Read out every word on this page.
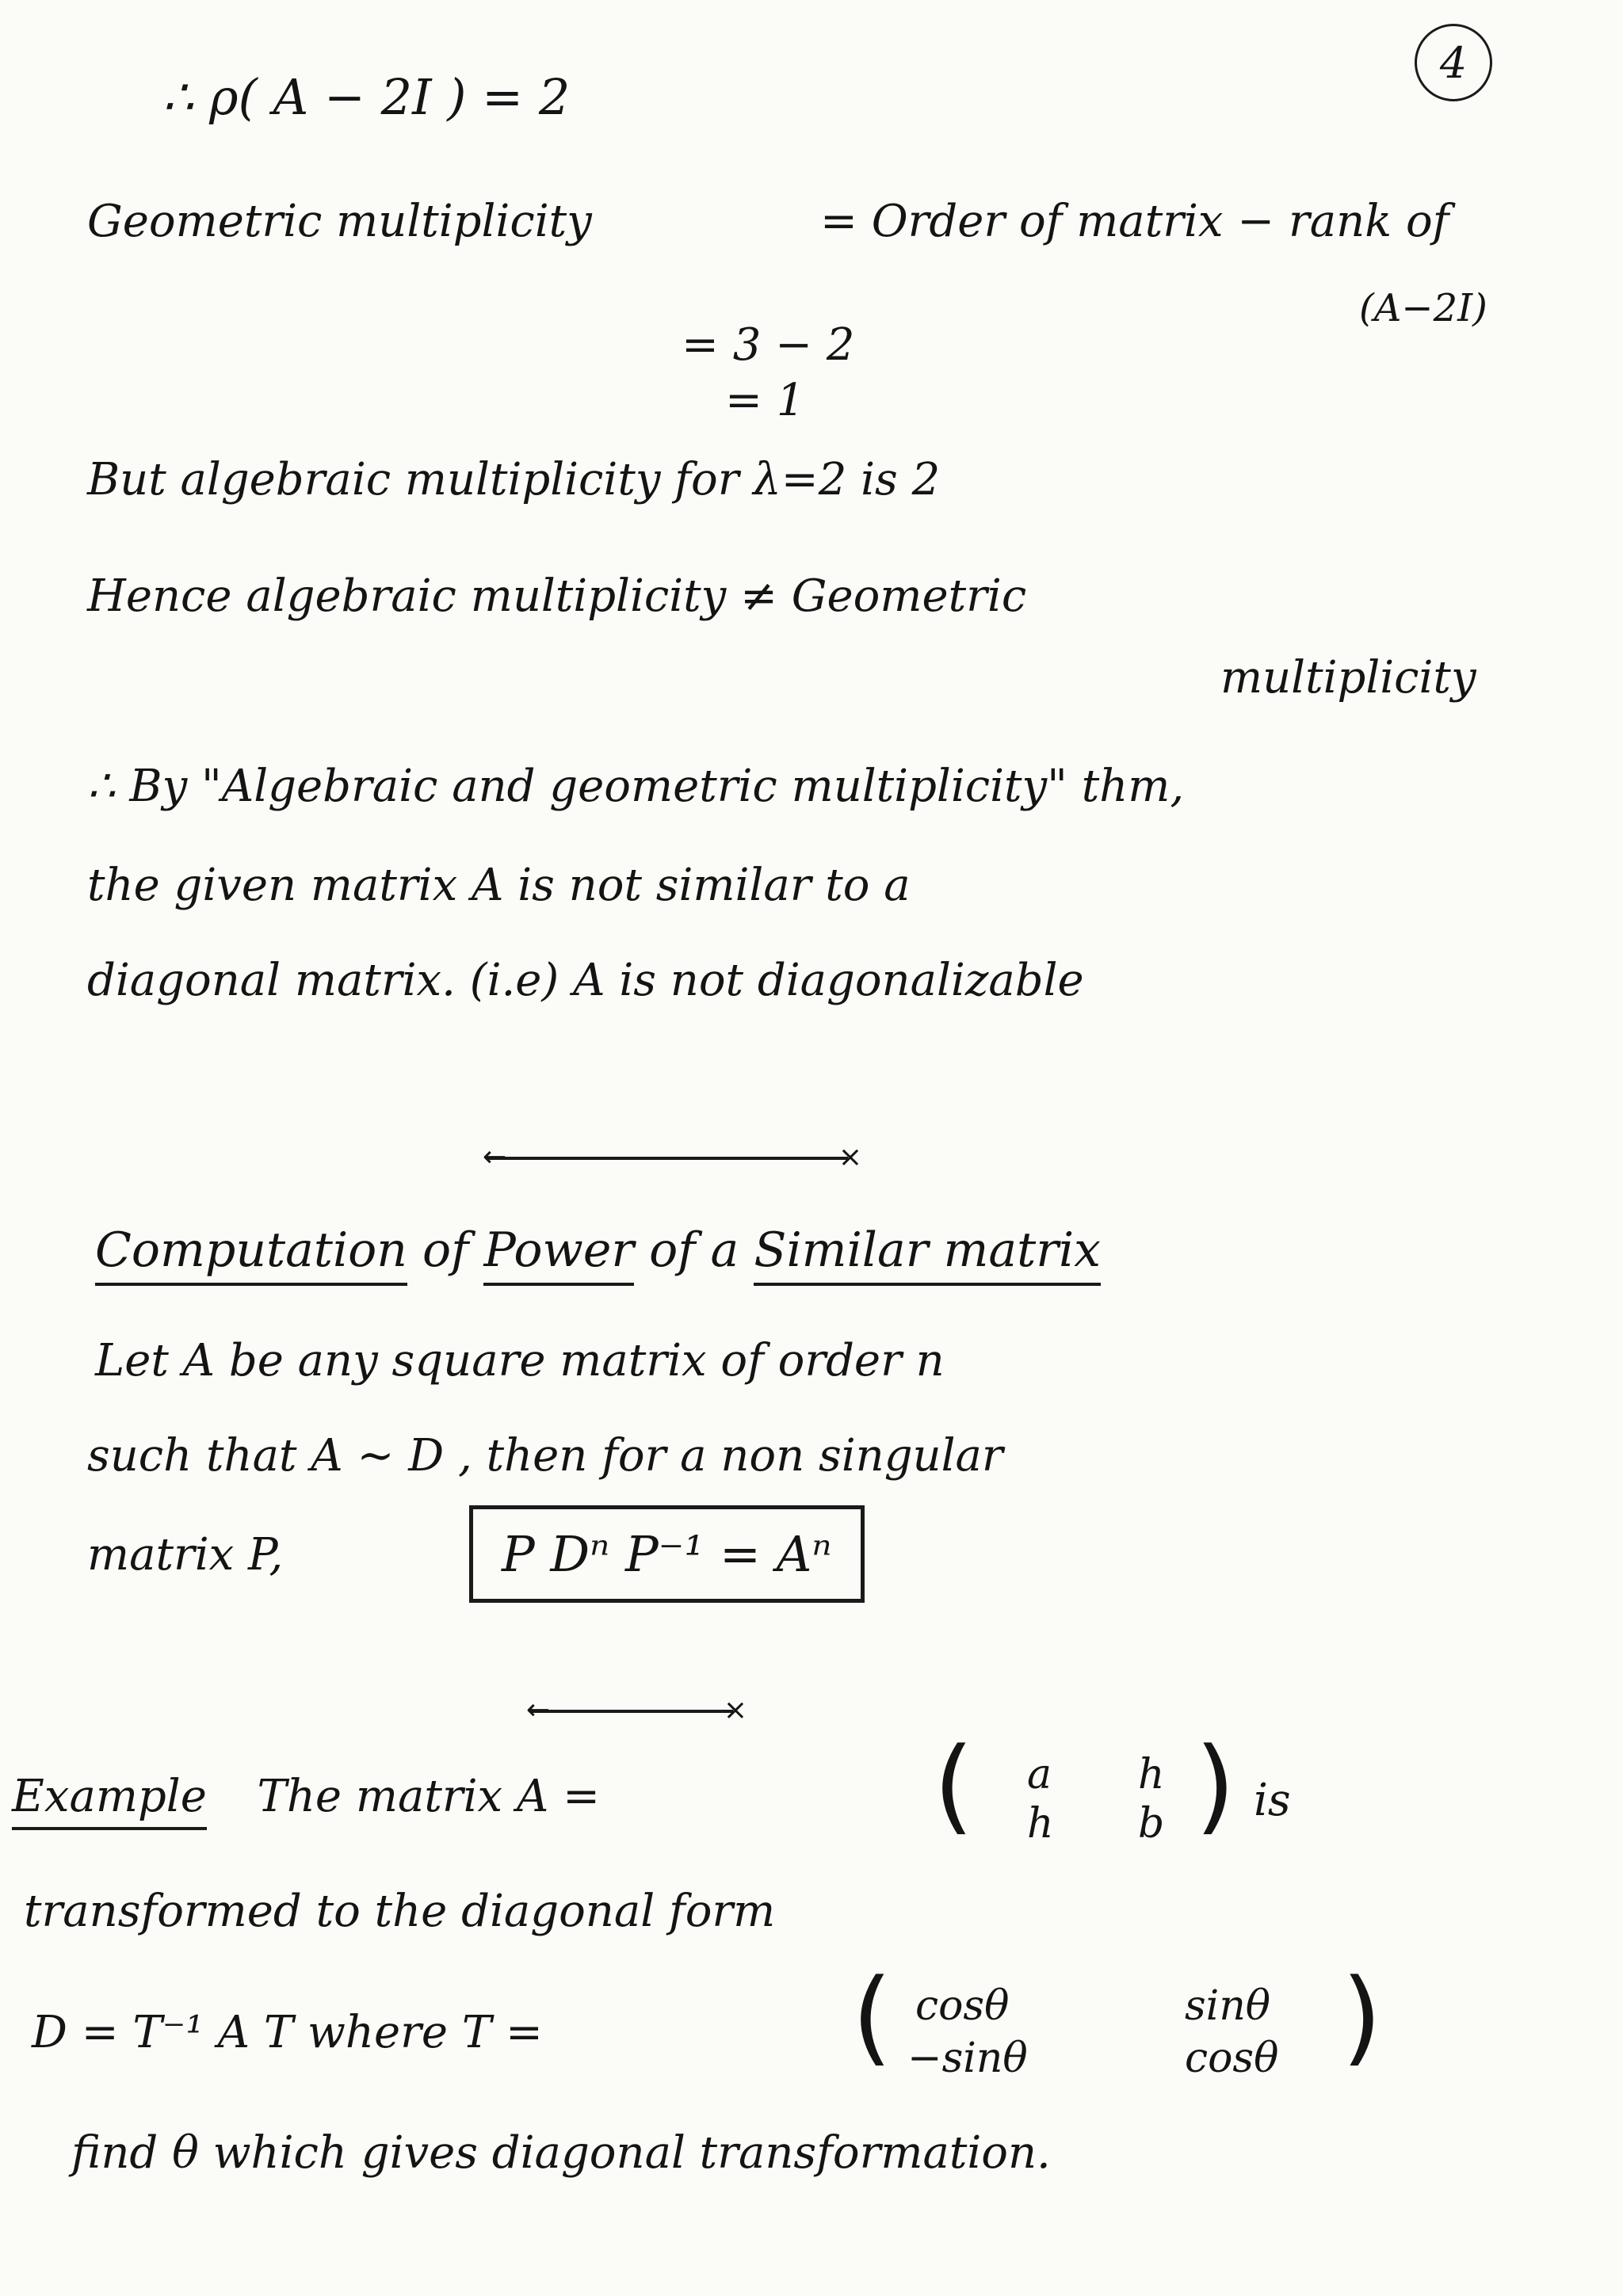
4
∴ ρ( A − 2I ) = 2
Geometric multiplicity	= Order of matrix − rank of
(A−2I)
= 3 − 2
= 1
But algebraic multiplicity for λ=2 is 2
Hence algebraic multiplicity ≠ Geometric
multiplicity
∴ By "Algebraic and geometric multiplicity" thm,
the given matrix A is not similar to a
diagonal matrix. (i.e) A is not diagonalizable
←	×
Computation of Power of a Similar matrix
Let A be any square matrix of order n
such that A ∼ D , then for a non singular
matrix P,	P Dⁿ P⁻¹ = Aⁿ
←	×
Example The matrix A =	( a h
h b ) is
transformed to the diagonal form
D = T⁻¹ A T where T =	( cosθ	sinθ
−sinθ	cosθ )
find θ which gives diagonal transformation.
